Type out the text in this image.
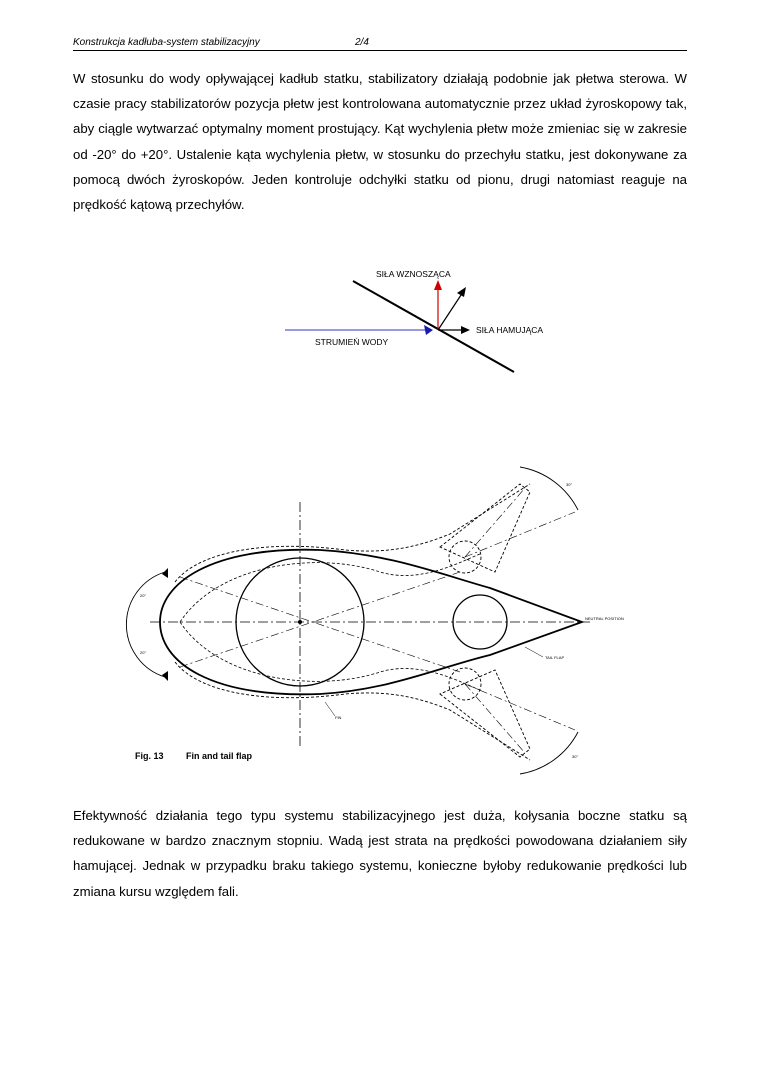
Konstrukcja kadłuba-system stabilizacyjny	2/4

W stosunku do wody opływającej kadłub statku, stabilizatory działają podobnie jak płetwa sterowa. W czasie pracy stabilizatorów pozycja płetw jest kontrolowana automatycznie przez układ żyroskopowy tak, aby ciągle wytwarzać optymalny moment prostujący. Kąt wychylenia płetw może zmieniac się w zakresie od -20° do +20°. Ustalenie kąta wychylenia płetw, w stosunku do przechyłu statku, jest dokonywane za pomocą dwóch żyroskopów. Jeden kontroluje odchyłki statku od pionu, drugi natomiast reaguje na prędkość kątową przechyłów.

SIŁA WZNOSZĄCA
SIŁA HAMUJĄCA
STRUMIEŃ WODY
30°
30°
20°
20°
NEUTRAL POSITION
TAIL FLAP
FIN
Fig. 13 Fin and tail flap

Efektywność działania tego typu systemu stabilizacyjnego jest duża, kołysania boczne statku są redukowane w bardzo znacznym stopniu. Wadą jest strata na prędkości powodowana działaniem siły hamującej. Jednak w przypadku braku takiego systemu, konieczne byłoby redukowanie prędkości lub zmiana kursu względem fali.
